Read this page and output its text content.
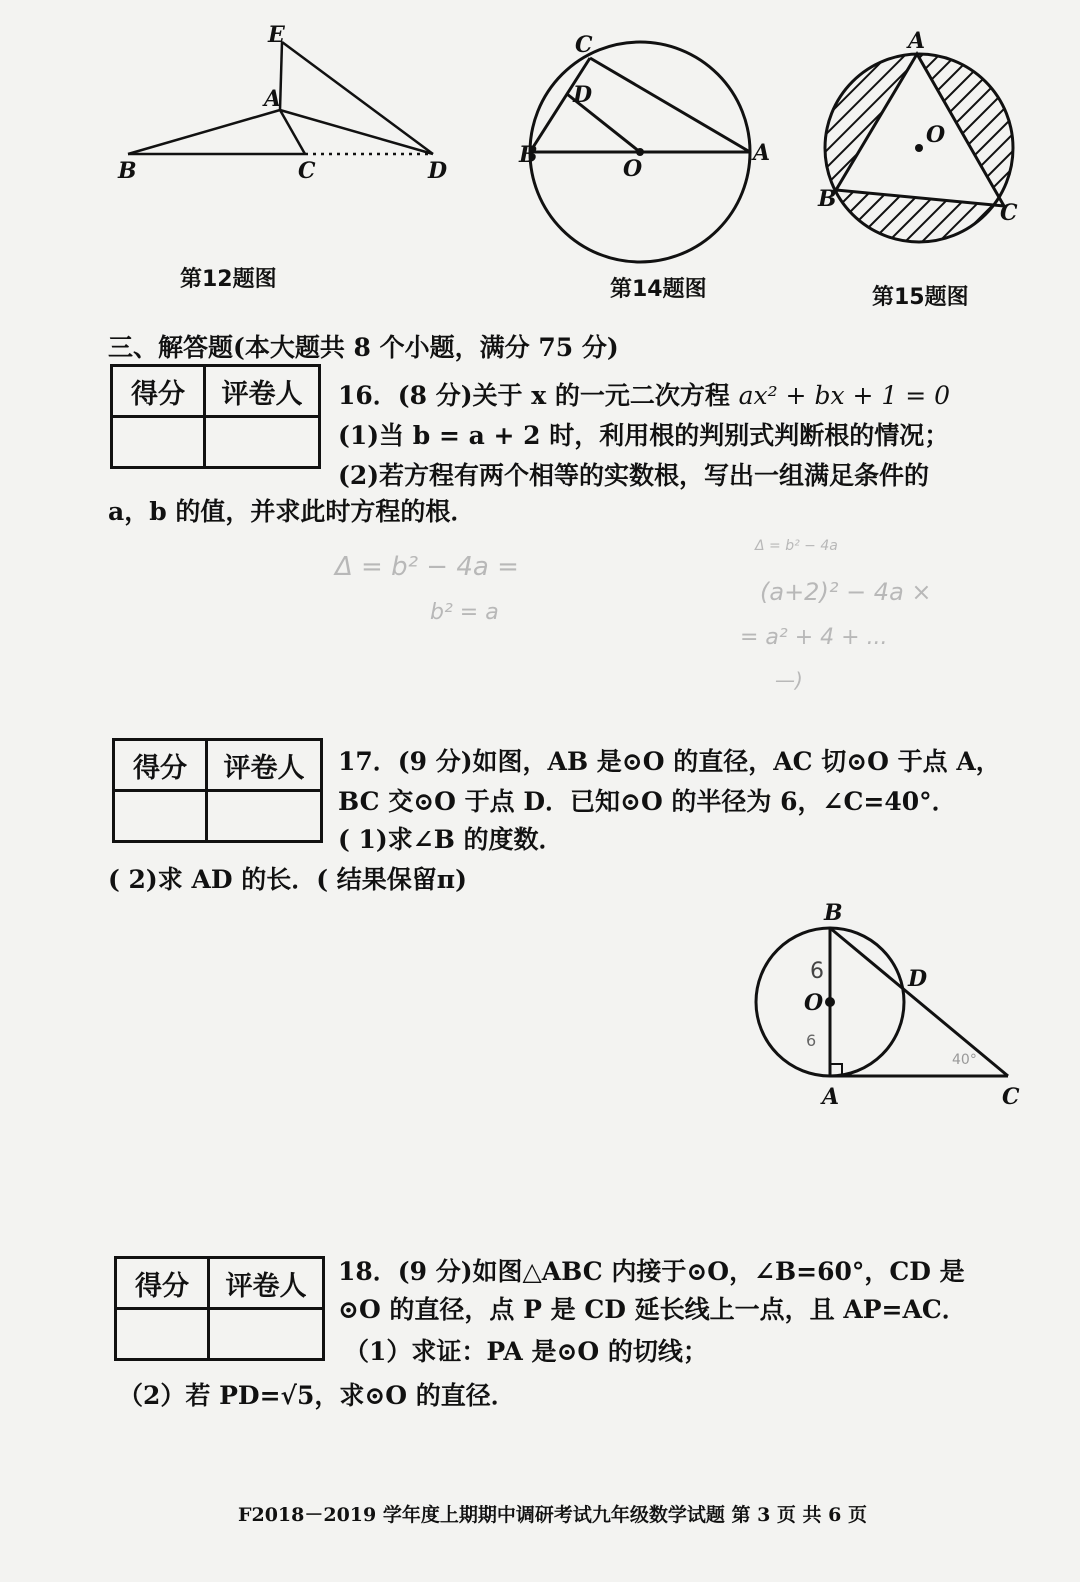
E
A
B	C	D
第12题图
C
D
B
O
A
第14题图
A
O
B
C
第15题图
三、解答题(本大题共 8 个小题，满分 75 分)
得分	评卷人
	16．(8 分)关于 x 的一元二次方程 ax² + bx + 1 = 0
(1)当 b = a + 2 时，利用根的判别式判断根的情况；
(2)若方程有两个相等的实数根，写出一组满足条件的
a，b 的值，并求此时方程的根．
Δ = b² − 4a =
b² = a
Δ = b² − 4a
(a+2)² − 4a ×
= a² + 4 + ...
—)
得分	评卷人
	17．(9 分)如图，AB 是⊙O 的直径，AC 切⊙O 于点 A，
BC 交⊙O 于点 D．已知⊙O 的半径为 6，∠C=40°．
( 1)求∠B 的度数．
( 2)求 AD 的长．( 结果保留π)
B
O
D
A	C
6
6
40°
得分	评卷人
	18．(9 分)如图△ABC 内接于⊙O，∠B=60°，CD 是
⊙O 的直径，点 P 是 CD 延长线上一点，且 AP=AC．
（1）求证：PA 是⊙O 的切线；
（2）若 PD=√5，求⊙O 的直径．
F2018－2019 学年度上期期中调研考试九年级数学试题 第 3 页 共 6 页
